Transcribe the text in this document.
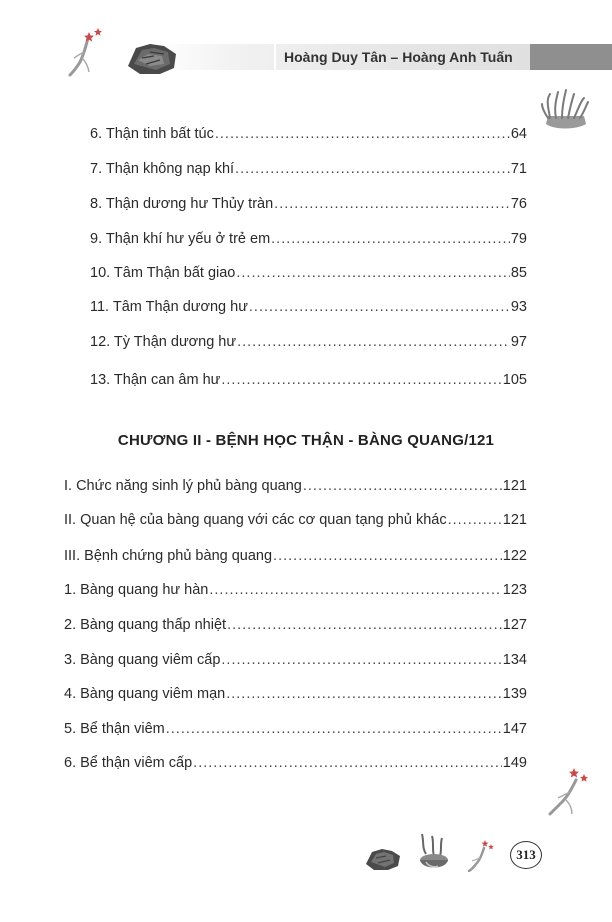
Hoàng Duy Tân – Hoàng Anh Tuấn
6. Thận tinh bất túc .....	64
7. Thận không nạp khí .....	71
8. Thận dương hư Thủy tràn .....	76
9. Thận khí hư yếu ở trẻ em .....	79
10. Tâm Thận bất giao .....	85
11. Tâm Thận dương hư .....	93
12. Tỳ Thận dương hư .....	97
13. Thận can âm hư .....	105
CHƯƠNG II - BỆNH HỌC THẬN - BÀNG QUANG/121
I. Chức năng sinh lý phủ bàng quang .....	121
II. Quan hệ của bàng quang với các cơ quan tạng phủ khác .....	121
III. Bệnh chứng phủ bàng quang .....	122
1. Bàng quang hư hàn .....	123
2. Bàng quang thấp nhiệt .....	127
3. Bàng quang viêm cấp .....	134
4. Bàng quang viêm mạn .....	139
5. Bể thận viêm .....	147
6. Bể thận viêm cấp .....	149
313
